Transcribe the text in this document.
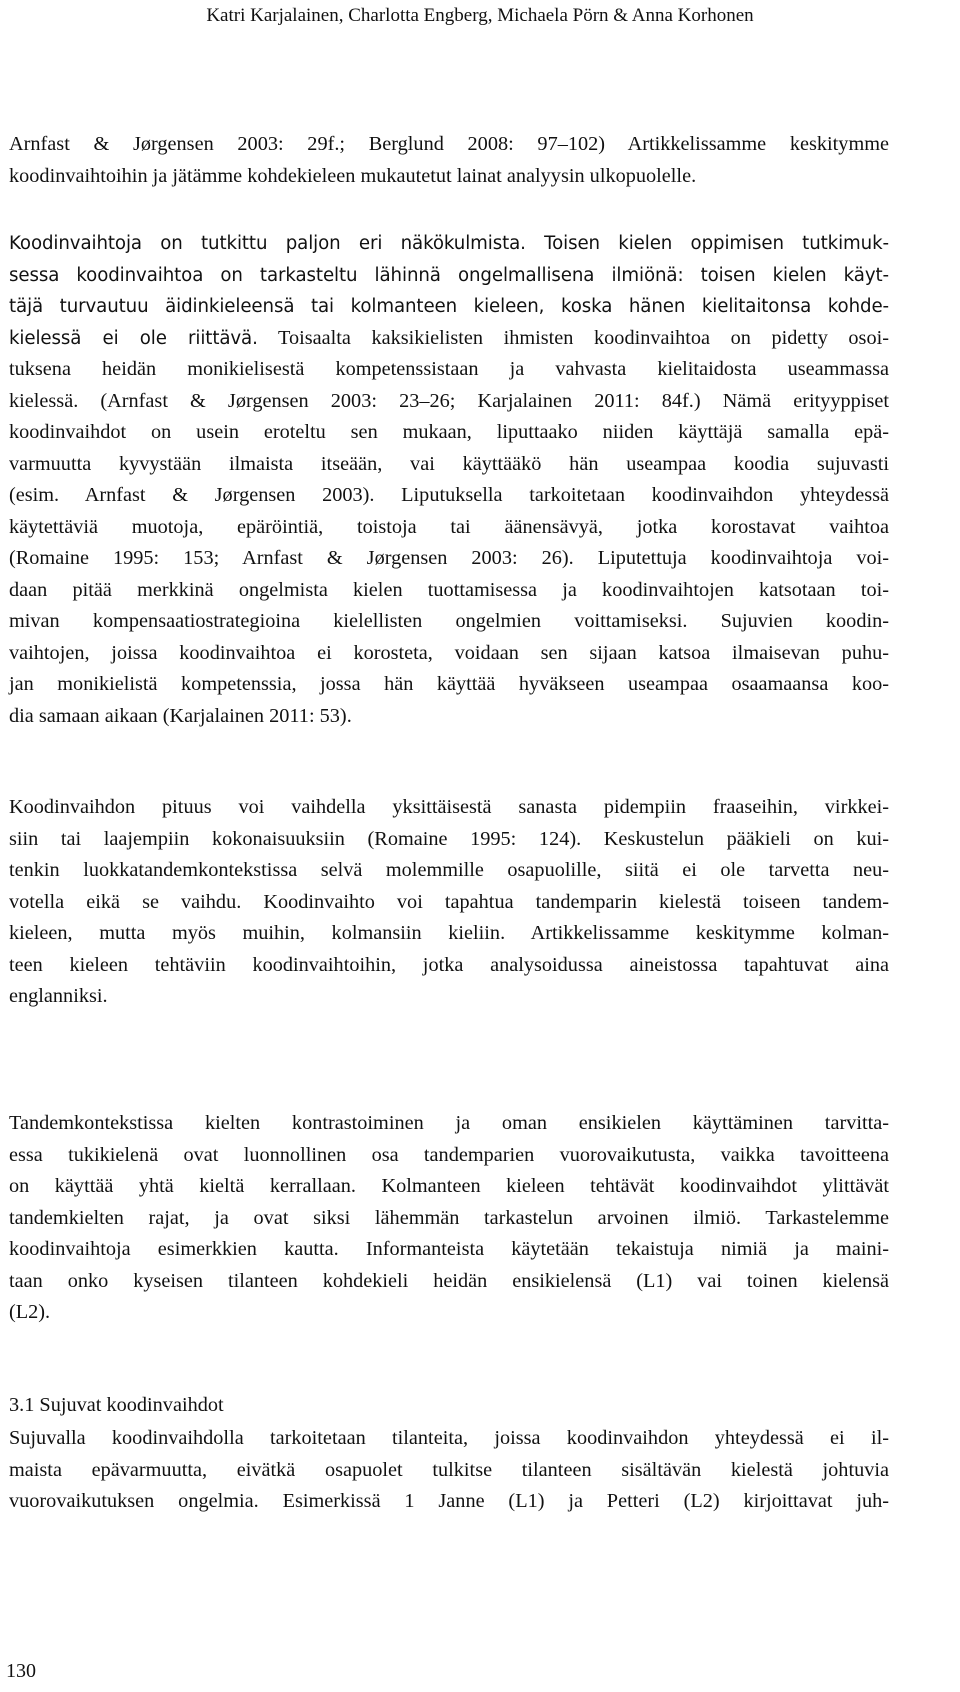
Katri Karjalainen, Charlotta Engberg, Michaela Pörn & Anna Korhonen
Arnfast & Jørgensen 2003: 29f.; Berglund 2008: 97–102) Artikkelissamme keskitymme
koodinvaihtoihin ja jätämme kohdekieleen mukautetut lainat analyysin ulkopuolelle.
Koodinvaihtoja on tutkittu paljon eri näkökulmista. Toisen kielen oppimisen tutkimuk-
sessa koodinvaihtoa on tarkasteltu lähinnä ongelmallisena ilmiönä: toisen kielen käyt-
täjä turvautuu äidinkieleensä tai kolmanteen kieleen, koska hänen kielitaitonsa kohde-
kielessä ei ole riittävä. Toisaalta kaksikielisten ihmisten koodinvaihtoa on pidetty osoi-
tuksena heidän monikielisestä kompetenssistaan ja vahvasta kielitaidosta useammassa
kielessä. (Arnfast & Jørgensen 2003: 23–26; Karjalainen 2011: 84f.) Nämä erityyppiset
koodinvaihdot on usein eroteltu sen mukaan, liputtaako niiden käyttäjä samalla epä-
varmuutta kyvystään ilmaista itseään, vai käyttääkö hän useampaa koodia sujuvasti
(esim. Arnfast & Jørgensen 2003). Liputuksella tarkoitetaan koodinvaihdon yhteydessä
käytettäviä muotoja, epäröintiä, toistoja tai äänensävyä, jotka korostavat vaihtoa
(Romaine 1995: 153; Arnfast & Jørgensen 2003: 26). Liputettuja koodinvaihtoja voi-
daan pitää merkkinä ongelmista kielen tuottamisessa ja koodinvaihtojen katsotaan toi-
mivan kompensaatiostrategioina kielellisten ongelmien voittamiseksi. Sujuvien koodin-
vaihtojen, joissa koodinvaihtoa ei korosteta, voidaan sen sijaan katsoa ilmaisevan puhu-
jan monikielistä kompetenssia, jossa hän käyttää hyväkseen useampaa osaamaansa koo-
dia samaan aikaan (Karjalainen 2011: 53).
Koodinvaihdon pituus voi vaihdella yksittäisestä sanasta pidempiin fraaseihin, virkkei-
siin tai laajempiin kokonaisuuksiin (Romaine 1995: 124). Keskustelun pääkieli on kui-
tenkin luokkatandemkontekstissa selvä molemmille osapuolille, siitä ei ole tarvetta neu-
votella eikä se vaihdu. Koodinvaihto voi tapahtua tandemparin kielestä toiseen tandem-
kieleen, mutta myös muihin, kolmansiin kieliin. Artikkelissamme keskitymme kolman-
teen kieleen tehtäviin koodinvaihtoihin, jotka analysoidussa aineistossa tapahtuvat aina
englanniksi.
Tandemkontekstissa kielten kontrastoiminen ja oman ensikielen käyttäminen tarvitta-
essa tukikielenä ovat luonnollinen osa tandemparien vuorovaikutusta, vaikka tavoitteena
on käyttää yhtä kieltä kerrallaan. Kolmanteen kieleen tehtävät koodinvaihdot ylittävät
tandemkielten rajat, ja ovat siksi lähemmän tarkastelun arvoinen ilmiö. Tarkastelemme
koodinvaihtoja esimerkkien kautta. Informanteista käytetään tekaistuja nimiä ja maini-
taan onko kyseisen tilanteen kohdekieli heidän ensikielensä (L1) vai toinen kielensä
(L2).
3.1 Sujuvat koodinvaihdot
Sujuvalla koodinvaihdolla tarkoitetaan tilanteita, joissa koodinvaihdon yhteydessä ei il-
maista epävarmuutta, eivätkä osapuolet tulkitse tilanteen sisältävän kielestä johtuvia
vuorovaikutuksen ongelmia. Esimerkissä 1 Janne (L1) ja Petteri (L2) kirjoittavat juh-
130
